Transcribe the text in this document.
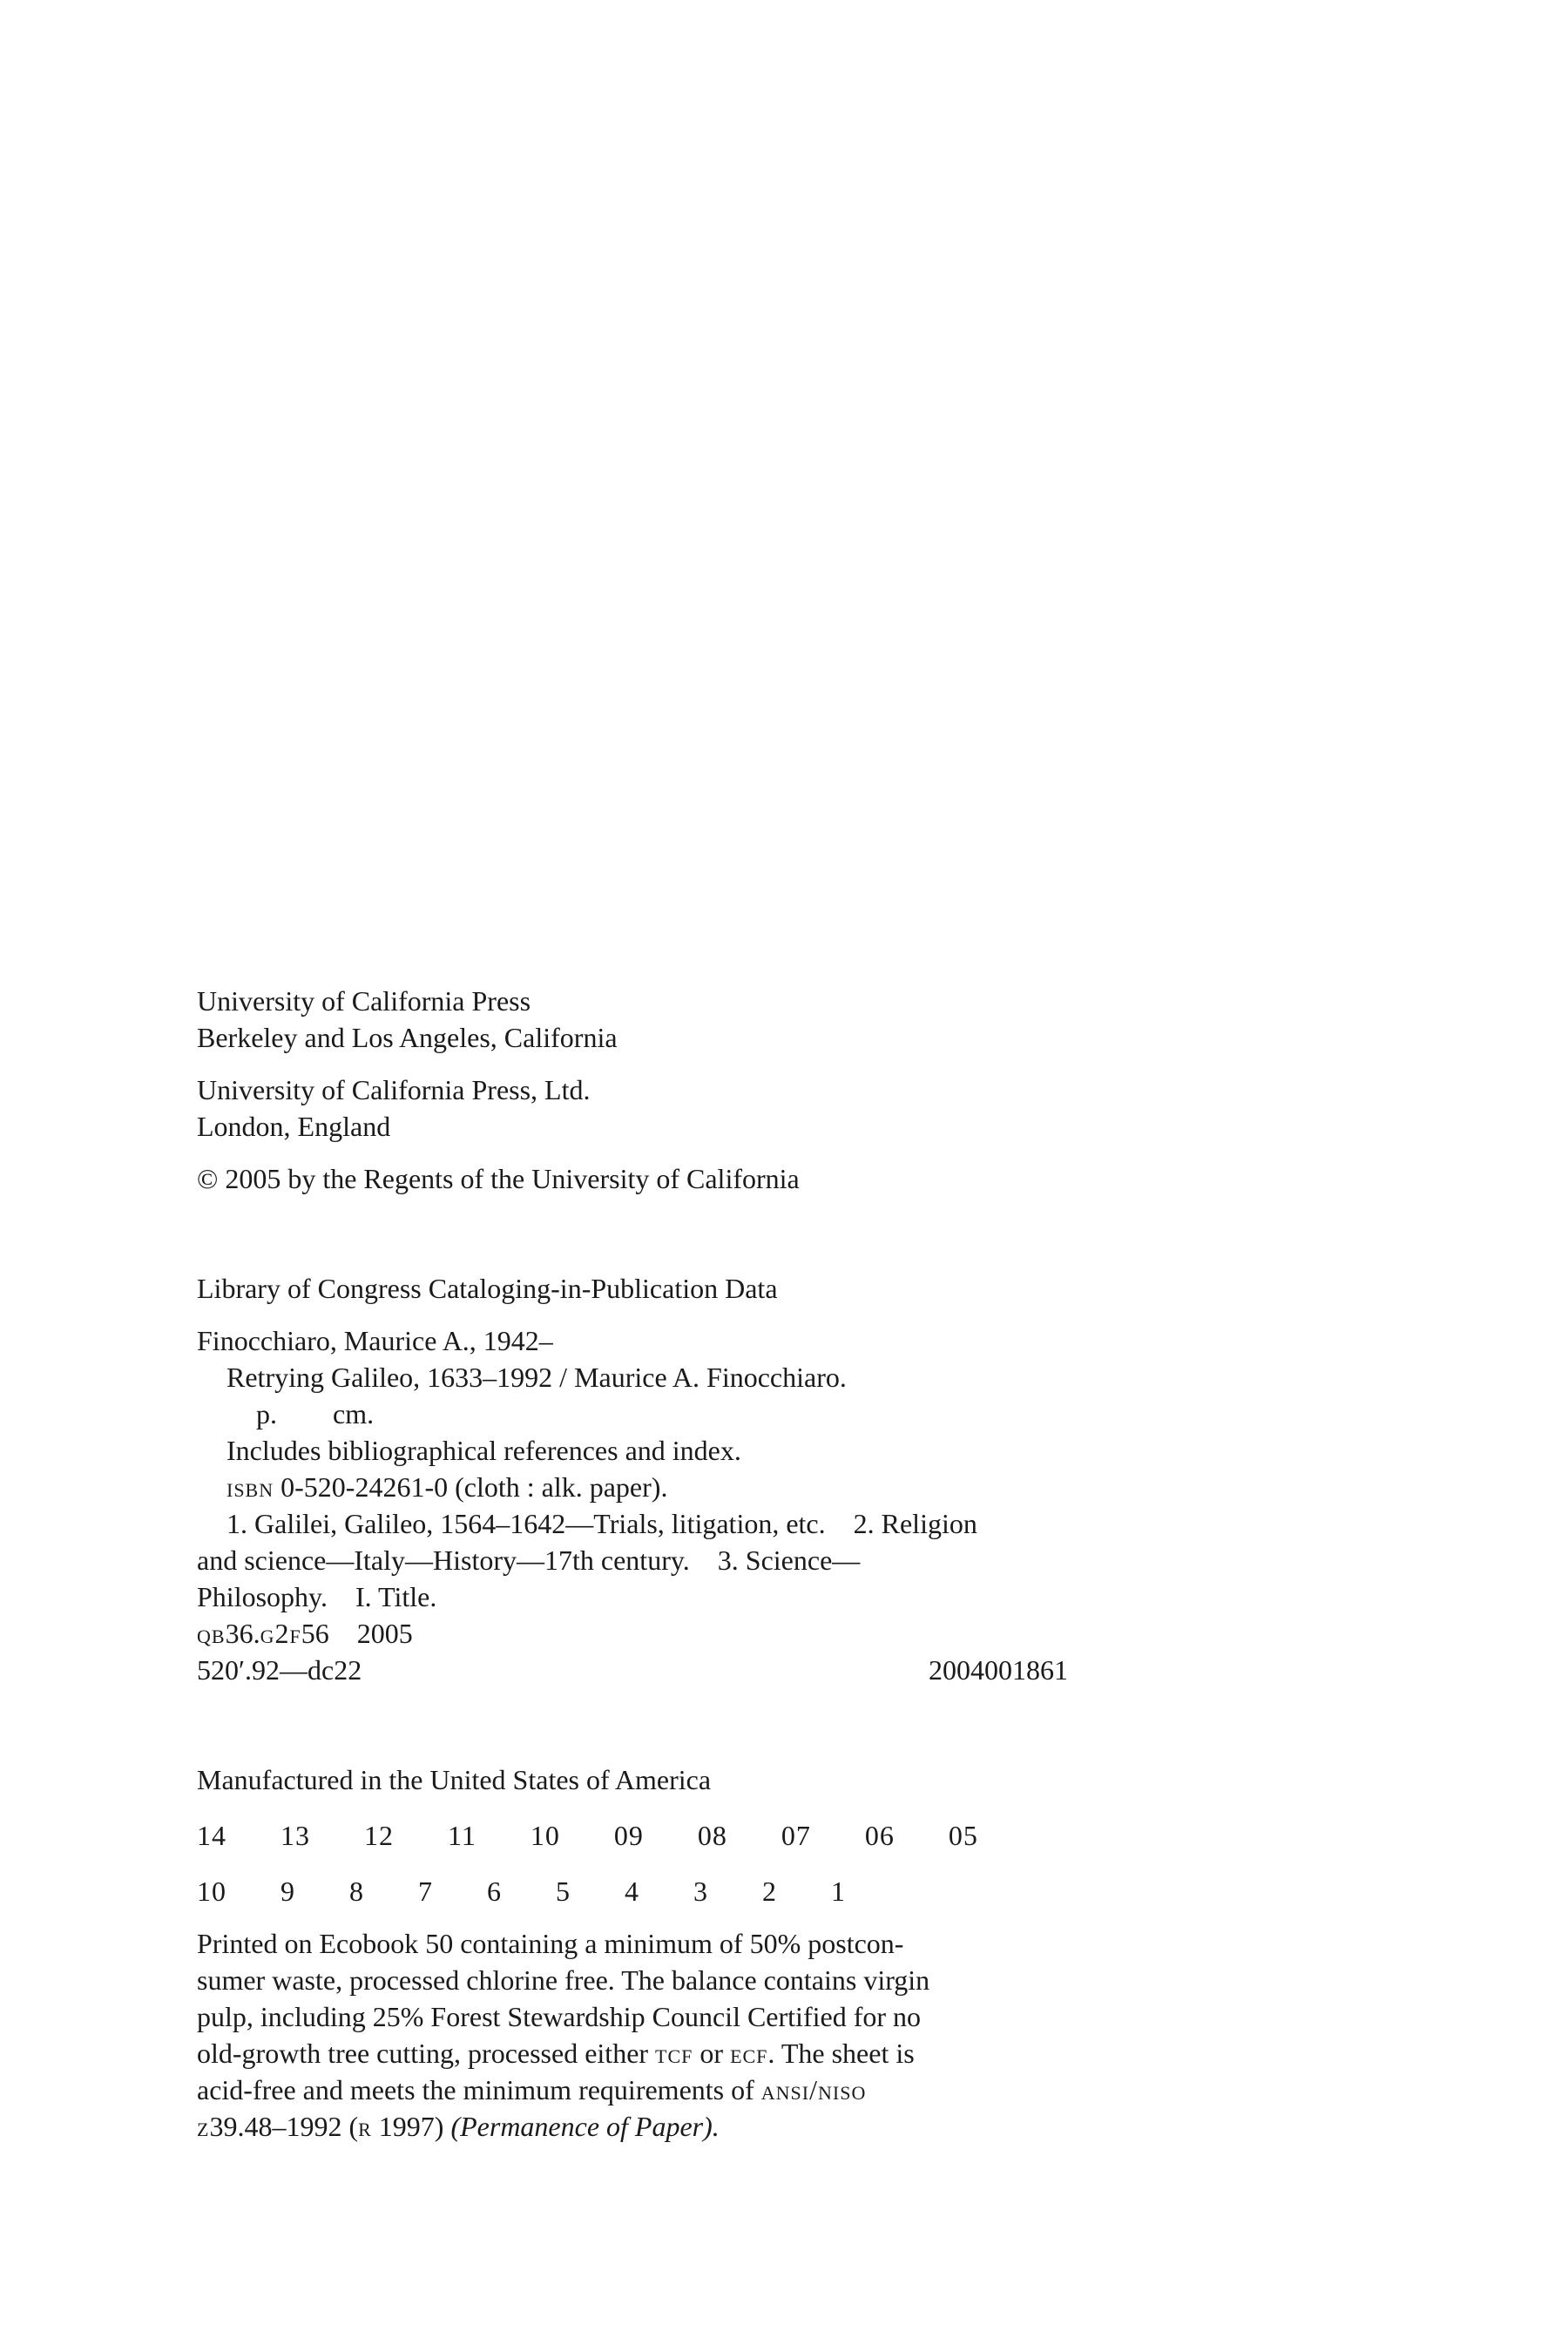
University of California Press
Berkeley and Los Angeles, California
University of California Press, Ltd.
London, England
© 2005 by the Regents of the University of California
Library of Congress Cataloging-in-Publication Data
Finocchiaro, Maurice A., 1942–
Retrying Galileo, 1633–1992 / Maurice A. Finocchiaro.
p.        cm.
Includes bibliographical references and index.
isbn 0-520-24261-0 (cloth : alk. paper).
1. Galilei, Galileo, 1564–1642—Trials, litigation, etc.    2. Religion
and science—Italy—History—17th century.    3. Science—
Philosophy.    I. Title.
qb36.g2f56    2005
520′.92—dc22	2004001861
Manufactured in the United States of America
14  13  12  11  10  09  08  07  06  05
10  9  8  7  6  5  4  3  2  1
Printed on Ecobook 50 containing a minimum of 50% postcon-
sumer waste, processed chlorine free. The balance contains virgin
pulp, including 25% Forest Stewardship Council Certified for no
old-growth tree cutting, processed either tcf or ecf. The sheet is
acid-free and meets the minimum requirements of ansi/niso
z39.48–1992 (r 1997) (Permanence of Paper).
